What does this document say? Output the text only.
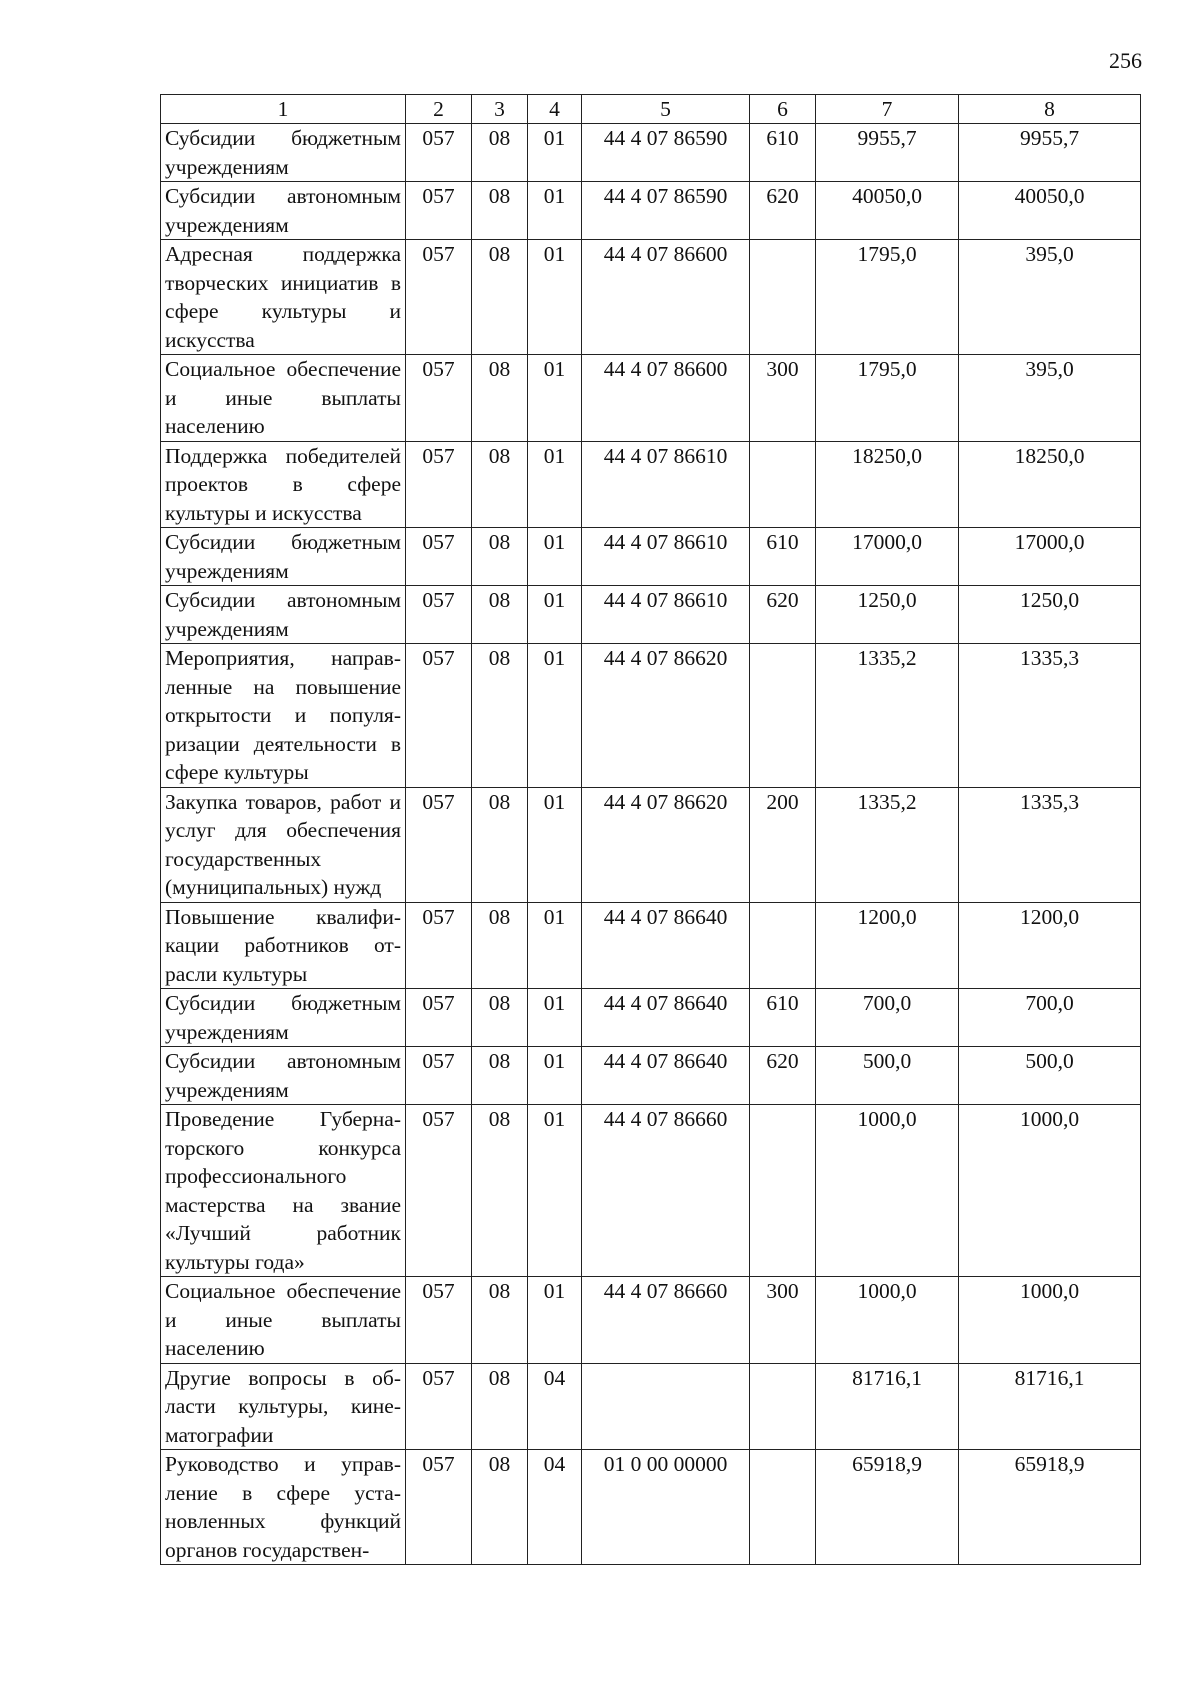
256
1	2	3	4	5	6	7	8
Субсидии бюджетным учреждениям	057	08	01	44 4 07 86590	610	9955,7	9955,7
Субсидии автономным учреждениям	057	08	01	44 4 07 86590	620	40050,0	40050,0
Адресная поддержка творческих инициатив в сфере культуры и искусства	057	08	01	44 4 07 86600		1795,0	395,0
Социальное обеспечение и иные выплаты населению	057	08	01	44 4 07 86600	300	1795,0	395,0
Поддержка победителей проектов в сфере культуры и искусства	057	08	01	44 4 07 86610		18250,0	18250,0
Субсидии бюджетным учреждениям	057	08	01	44 4 07 86610	610	17000,0	17000,0
Субсидии автономным учреждениям	057	08	01	44 4 07 86610	620	1250,0	1250,0
Мероприятия, направленные на повышение открытости и популяризации деятельности в сфере культуры	057	08	01	44 4 07 86620		1335,2	1335,3
Закупка товаров, работ и услуг для обеспечения государственных (муниципальных) нужд	057	08	01	44 4 07 86620	200	1335,2	1335,3
Повышение квалификации работников отрасли культуры	057	08	01	44 4 07 86640		1200,0	1200,0
Субсидии бюджетным учреждениям	057	08	01	44 4 07 86640	610	700,0	700,0
Субсидии автономным учреждениям	057	08	01	44 4 07 86640	620	500,0	500,0
Проведение Губернаторского конкурса профессионального мастерства на звание «Лучший работник культуры года»	057	08	01	44 4 07 86660		1000,0	1000,0
Социальное обеспечение и иные выплаты населению	057	08	01	44 4 07 86660	300	1000,0	1000,0
Другие вопросы в области культуры, кинематографии	057	08	04			81716,1	81716,1
Руководство и управление в сфере установленных функций органов государствен-	057	08	04	01 0 00 00000		65918,9	65918,9
